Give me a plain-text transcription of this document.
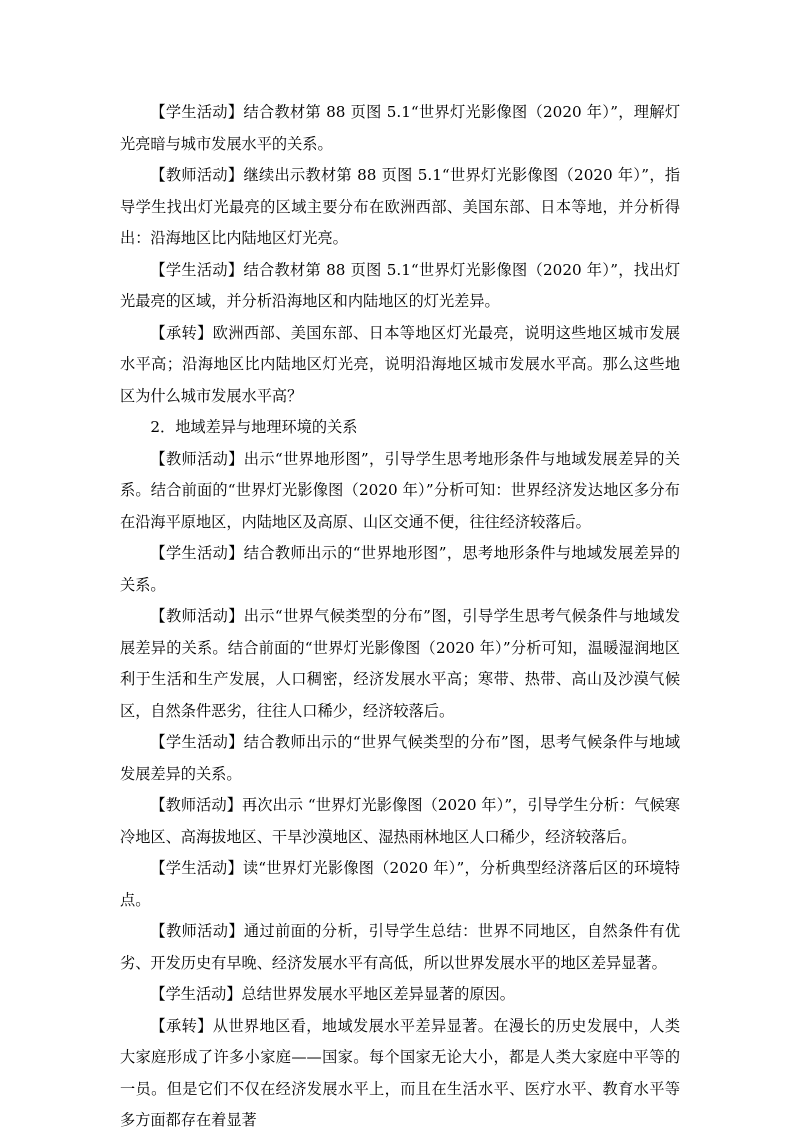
【学生活动】结合教材第 88 页图 5.1“世界灯光影像图（2020 年）”，理解灯光亮暗与城市发展水平的关系。

【教师活动】继续出示教材第 88 页图 5.1“世界灯光影像图（2020 年）”，指导学生找出灯光最亮的区域主要分布在欧洲西部、美国东部、日本等地，并分析得出：沿海地区比内陆地区灯光亮。

【学生活动】结合教材第 88 页图 5.1“世界灯光影像图（2020 年）”，找出灯光最亮的区域，并分析沿海地区和内陆地区的灯光差异。

【承转】欧洲西部、美国东部、日本等地区灯光最亮，说明这些地区城市发展水平高；沿海地区比内陆地区灯光亮，说明沿海地区城市发展水平高。那么这些地区为什么城市发展水平高？

2．地域差异与地理环境的关系

【教师活动】出示“世界地形图”，引导学生思考地形条件与地域发展差异的关系。结合前面的“世界灯光影像图（2020 年）”分析可知：世界经济发达地区多分布在沿海平原地区，内陆地区及高原、山区交通不便，往往经济较落后。

【学生活动】结合教师出示的“世界地形图”，思考地形条件与地域发展差异的关系。

【教师活动】出示“世界气候类型的分布”图，引导学生思考气候条件与地域发展差异的关系。结合前面的“世界灯光影像图（2020 年）”分析可知，温暖湿润地区利于生活和生产发展，人口稠密，经济发展水平高；寒带、热带、高山及沙漠气候区，自然条件恶劣，往往人口稀少，经济较落后。

【学生活动】结合教师出示的“世界气候类型的分布”图，思考气候条件与地域发展差异的关系。

【教师活动】再次出示 “世界灯光影像图（2020 年）”，引导学生分析：气候寒冷地区、高海拔地区、干旱沙漠地区、湿热雨林地区人口稀少，经济较落后。

【学生活动】读“世界灯光影像图（2020 年）”，分析典型经济落后区的环境特点。

【教师活动】通过前面的分析，引导学生总结：世界不同地区，自然条件有优劣、开发历史有早晚、经济发展水平有高低，所以世界发展水平的地区差异显著。

【学生活动】总结世界发展水平地区差异显著的原因。

【承转】从世界地区看，地域发展水平差异显著。在漫长的历史发展中，人类大家庭形成了许多小家庭——国家。每个国家无论大小，都是人类大家庭中平等的一员。但是它们不仅在经济发展水平上，而且在生活水平、医疗水平、教育水平等多方面都存在着显著
